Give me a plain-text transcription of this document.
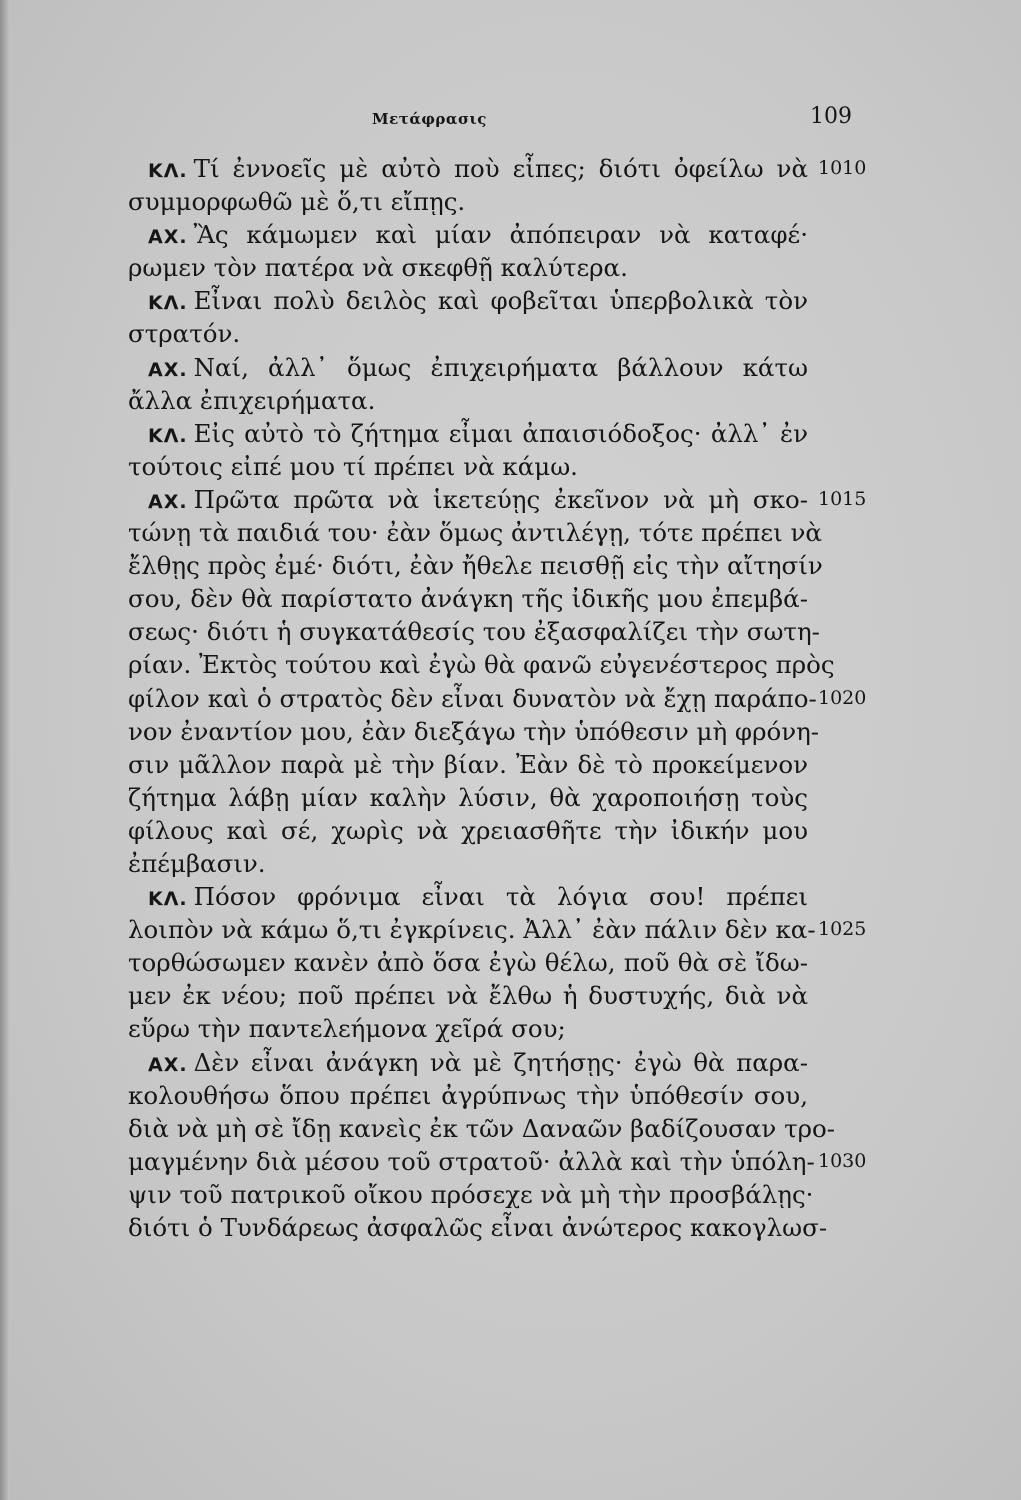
Μετάφρασις	109
ΚΛ. Τί ἐννοεῖς μὲ αὐτὸ ποὺ εἶπες; διότι ὀφείλω νὰ 1010
συμμορφωθῶ μὲ ὅ,τι εἴπῃς.
ΑΧ. Ἂς κάμωμεν καὶ μίαν ἀπόπειραν νὰ καταφέ·
ρωμεν τὸν πατέρα νὰ σκεφθῇ καλύτερα.
ΚΛ. Εἶναι πολὺ δειλὸς καὶ φοβεῖται ὑπερβολικὰ τὸν
στρατόν.
ΑΧ. Ναί, ἀλλ᾽ ὅμως ἐπιχειρήματα βάλλουν κάτω
ἄλλα ἐπιχειρήματα.
ΚΛ. Εἰς αὐτὸ τὸ ζήτημα εἶμαι ἀπαισιόδοξος· ἀλλ᾽ ἐν
τούτοις εἰπέ μου τί πρέπει νὰ κάμω.
ΑΧ. Πρῶτα πρῶτα νὰ ἱκετεύῃς ἐκεῖνον νὰ μὴ σκο- 1015
τώνῃ τὰ παιδιά του· ἐὰν ὅμως ἀντιλέγῃ, τότε πρέπει νὰ
ἔλθῃς πρὸς ἐμέ· διότι, ἐὰν ἤθελε πεισθῇ εἰς τὴν αἴτησίν
σου, δὲν θὰ παρίστατο ἀνάγκη τῆς ἰδικῆς μου ἐπεμβά-
σεως· διότι ἡ συγκατάθεσίς του ἐξασφαλίζει τὴν σωτη-
ρίαν. Ἐκτὸς τούτου καὶ ἐγὼ θὰ φανῶ εὐγενέστερος πρὸς
φίλον καὶ ὁ στρατὸς δὲν εἶναι δυνατὸν νὰ ἔχῃ παράπο- 1020
νον ἐναντίον μου, ἐὰν διεξάγω τὴν ὑπόθεσιν μὴ φρόνη-
σιν μᾶλλον παρὰ μὲ τὴν βίαν. Ἐὰν δὲ τὸ προκείμενον
ζήτημα λάβῃ μίαν καλὴν λύσιν, θὰ χαροποιήσῃ τοὺς
φίλους καὶ σέ, χωρὶς νὰ χρειασθῆτε τὴν ἰδικήν μου
ἐπέμβασιν.
ΚΛ. Πόσον φρόνιμα εἶναι τὰ λόγια σου! πρέπει
λοιπὸν νὰ κάμω ὅ,τι ἐγκρίνεις. Ἀλλ᾽ ἐὰν πάλιν δὲν κα- 1025
τορθώσωμεν κανὲν ἀπὸ ὅσα ἐγὼ θέλω, ποῦ θὰ σὲ ἴδω-
μεν ἐκ νέου; ποῦ πρέπει νὰ ἔλθω ἡ δυστυχής, διὰ νὰ
εὕρω τὴν παντελεήμονα χεῖρά σου;
ΑΧ. Δὲν εἶναι ἀνάγκη νὰ μὲ ζητήσῃς· ἐγὼ θὰ παρα-
κολουθήσω ὅπου πρέπει ἀγρύπνως τὴν ὑπόθεσίν σου,
διὰ νὰ μὴ σὲ ἴδῃ κανεὶς ἐκ τῶν Δαναῶν βαδίζουσαν τρο-
μαγμένην διὰ μέσου τοῦ στρατοῦ· ἀλλὰ καὶ τὴν ὑπόλη- 1030
ψιν τοῦ πατρικοῦ οἴκου πρόσεχε νὰ μὴ τὴν προσβάλῃς·
διότι ὁ Τυνδάρεως ἀσφαλῶς εἶναι ἀνώτερος κακογλωσ-
